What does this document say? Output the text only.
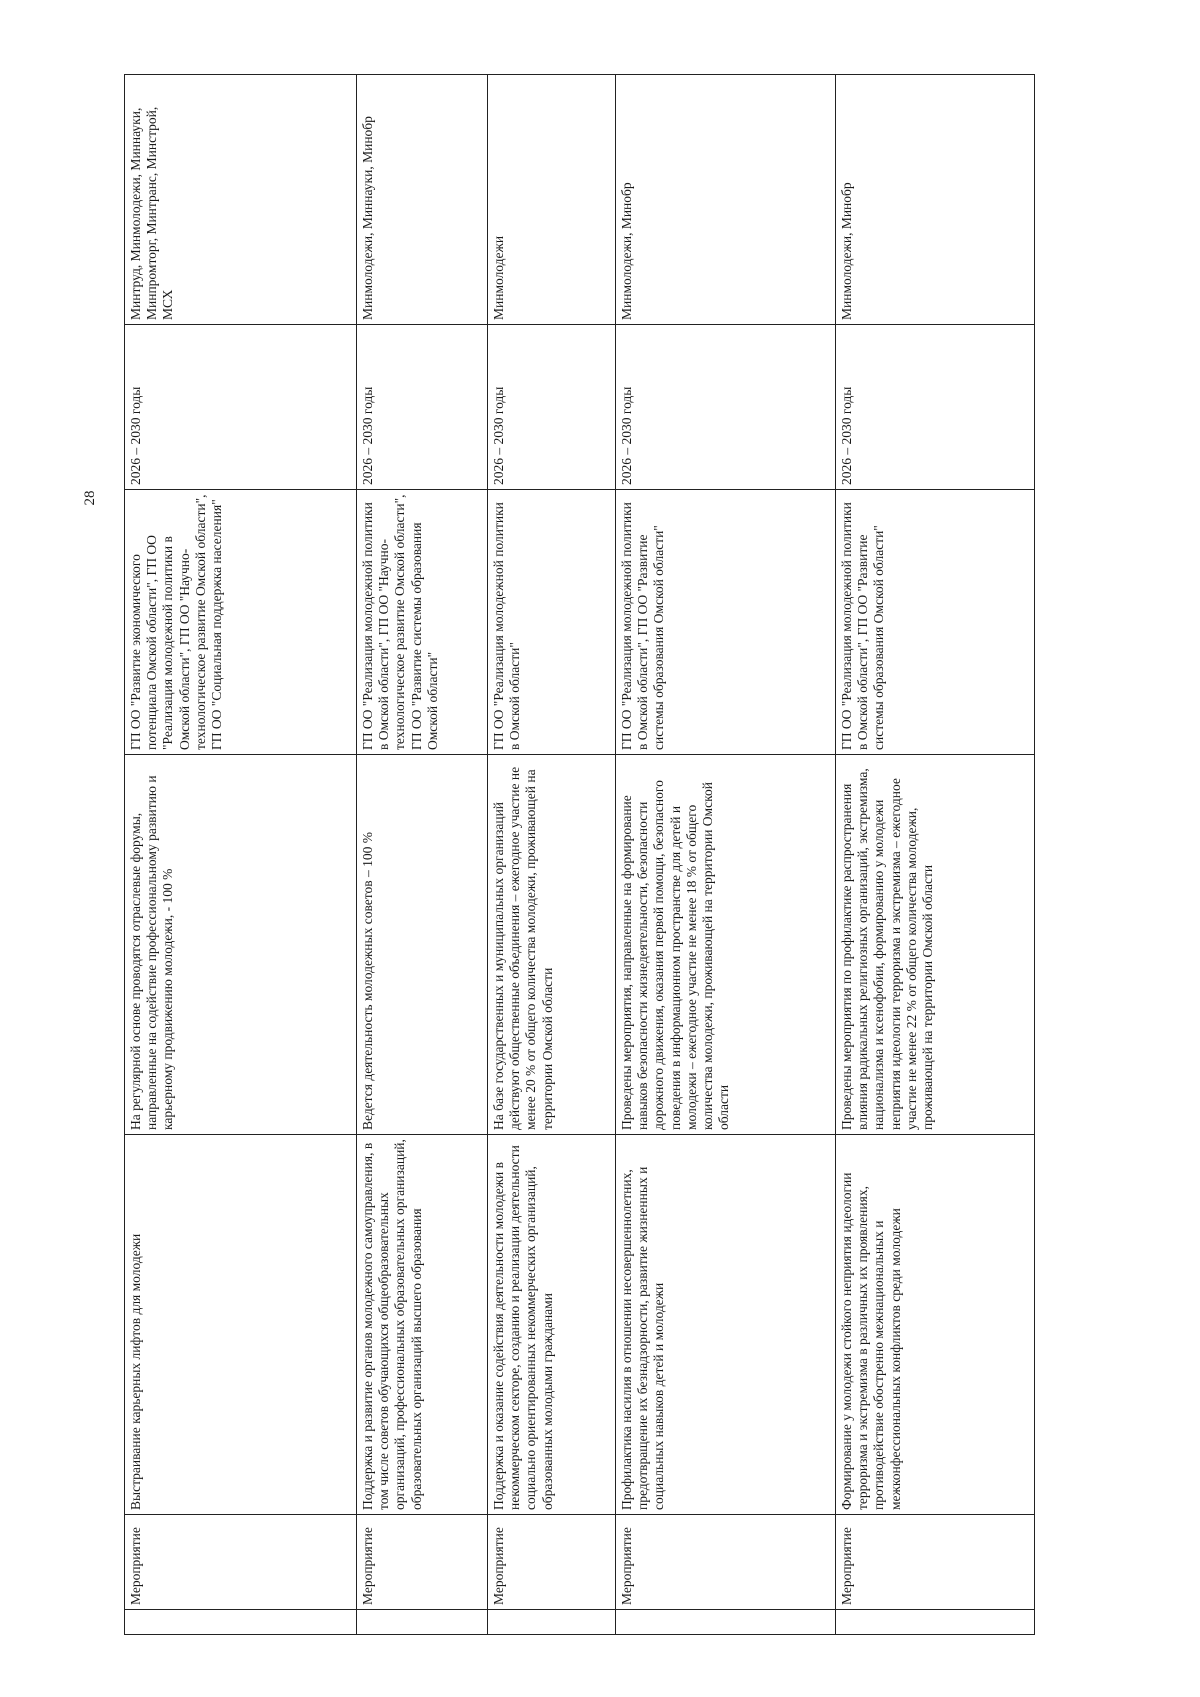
28
	Мероприятие	Выстраивание карьерных лифтов для молодежи	На регулярной основе проводятся отраслевые форумы, направленные на содействие профессиональному развитию и карьерному продвижению молодежи, - 100 %	ГП ОО "Развитие экономического потенциала Омской области", ГП ОО "Реализация молодежной политики в Омской области", ГП ОО "Научно-технологическое развитие Омской области", ГП ОО "Социальная поддержка населения"	2026 – 2030 годы	Минтруд, Минмолодежи, Миннауки, Минпромторг, Минтранс, Минстрой, МСХ
	Мероприятие	Поддержка и развитие органов молодежного самоуправления, в том числе советов обучающихся общеобразовательных организаций, профессиональных образовательных организаций, образовательных организаций высшего образования	Ведется деятельность молодежных советов – 100 %	ГП ОО "Реализация молодежной политики в Омской области", ГП ОО "Научно-технологическое развитие Омской области", ГП ОО "Развитие системы образования Омской области"	2026 – 2030 годы	Минмолодежи, Миннауки, Минобр
	Мероприятие	Поддержка и оказание содействия деятельности молодежи в некоммерческом секторе, созданию и реализации деятельности социально ориентированных некоммерческих организаций, образованных молодыми гражданами	На базе государственных и муниципальных организаций действуют общественные объединения – ежегодное участие не менее 20 % от общего количества молодежи, проживающей на территории Омской области	ГП ОО "Реализация молодежной политики в Омской области"	2026 – 2030 годы	Минмолодежи
	Мероприятие	Профилактика насилия в отношении несовершеннолетних, предотвращение их безнадзорности, развитие жизненных и социальных навыков детей и молодежи	Проведены мероприятия, направленные на формирование навыков безопасности жизнедеятельности, безопасности дорожного движения, оказания первой помощи, безопасного поведения в информационном пространстве для детей и молодежи – ежегодное участие не менее 18 % от общего количества молодежи, проживающей на территории Омской области	ГП ОО "Реализация молодежной политики в Омской области", ГП ОО "Развитие системы образования Омской области"	2026 – 2030 годы	Минмолодежи, Минобр
	Мероприятие	Формирование у молодежи стойкого неприятия идеологии терроризма и экстремизма в различных их проявлениях, противодействие обостренно межнациональных и межконфессиональных конфликтов среди молодежи	Проведены мероприятия по профилактике распространения влияния радикальных религиозных организаций, экстремизма, национализма и ксенофобии, формированию у молодежи неприятия идеологии терроризма и экстремизма – ежегодное участие не менее 22 % от общего количества молодежи, проживающей на территории Омской области	ГП ОО "Реализация молодежной политики в Омской области", ГП ОО "Развитие системы образования Омской области"	2026 – 2030 годы	Минмолодежи, Минобр
